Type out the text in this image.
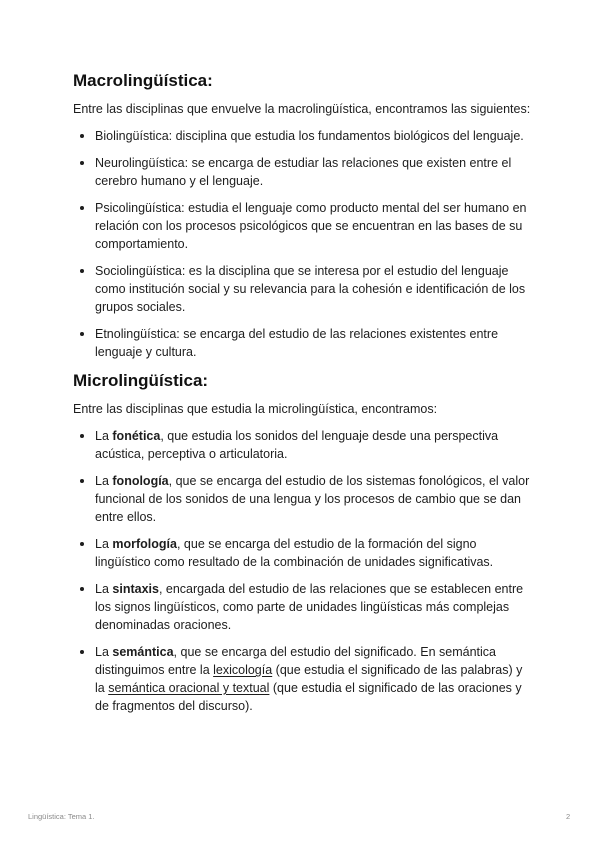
Macrolingüística:

Entre las disciplinas que envuelve la macrolingüística, encontramos las siguientes:

Biolingüística: disciplina que estudia los fundamentos biológicos del lenguaje.
Neurolingüística: se encarga de estudiar las relaciones que existen entre el cerebro humano y el lenguaje.
Psicolingüística: estudia el lenguaje como producto mental del ser humano en relación con los procesos psicológicos que se encuentran en las bases de su comportamiento.
Sociolingüística: es la disciplina que se interesa por el estudio del lenguaje como institución social y su relevancia para la cohesión e identificación de los grupos sociales.
Etnolingüística: se encarga del estudio de las relaciones existentes entre lenguaje y cultura.
Microlingüística:

Entre las disciplinas que estudia la microlingüística, encontramos:

La fonética, que estudia los sonidos del lenguaje desde una perspectiva acústica, perceptiva o articulatoria.
La fonología, que se encarga del estudio de los sistemas fonológicos, el valor funcional de los sonidos de una lengua y los procesos de cambio que se dan entre ellos.
La morfología, que se encarga del estudio de la formación del signo lingüístico como resultado de la combinación de unidades significativas.
La sintaxis, encargada del estudio de las relaciones que se establecen entre los signos lingüísticos, como parte de unidades lingüísticas más complejas denominadas oraciones.
La semántica, que se encarga del estudio del significado. En semántica distinguimos entre la lexicología (que estudia el significado de las palabras) y la semántica oracional y textual (que estudia el significado de las oraciones y de fragmentos del discurso).
Lingüística: Tema 1.	2
